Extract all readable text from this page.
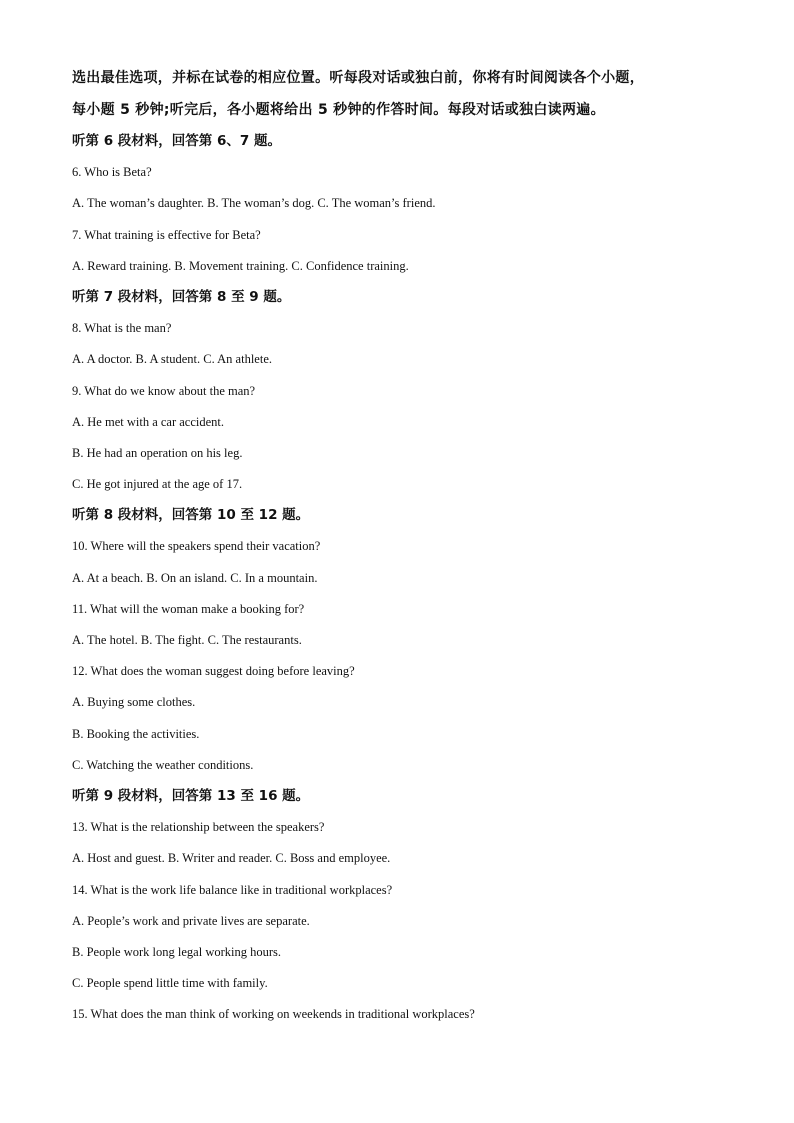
选出最佳选项，并标在试卷的相应位置。听每段对话或独白前，你将有时间阅读各个小题，

每小题 5 秒钟;听完后，各小题将给出 5 秒钟的作答时间。每段对话或独白读两遍。

听第 6 段材料，回答第 6、7 题。
6. Who is Beta?
A. The woman’s daughter. B. The woman’s dog. C. The woman’s friend.
7. What training is effective for Beta?
A. Reward training. B. Movement training. C. Confidence training.
听第 7 段材料，回答第 8 至 9 题。
8. What is the man?
A. A doctor. B. A student. C. An athlete.
9. What do we know about the man?
A. He met with a car accident.
B. He had an operation on his leg.
C. He got injured at the age of 17.
听第 8 段材料，回答第 10 至 12 题。
10. Where will the speakers spend their vacation?
A. At a beach. B. On an island. C. In a mountain.
11. What will the woman make a booking for?
A. The hotel. B. The fight. C. The restaurants.
12. What does the woman suggest doing before leaving?
A. Buying some clothes.
B. Booking the activities.
C. Watching the weather conditions.
听第 9 段材料，回答第 13 至 16 题。
13. What is the relationship between the speakers?
A. Host and guest. B. Writer and reader. C. Boss and employee.
14. What is the work life balance like in traditional workplaces?
A. People’s work and private lives are separate.
B. People work long legal working hours.
C. People spend little time with family.
15. What does the man think of working on weekends in traditional workplaces?
